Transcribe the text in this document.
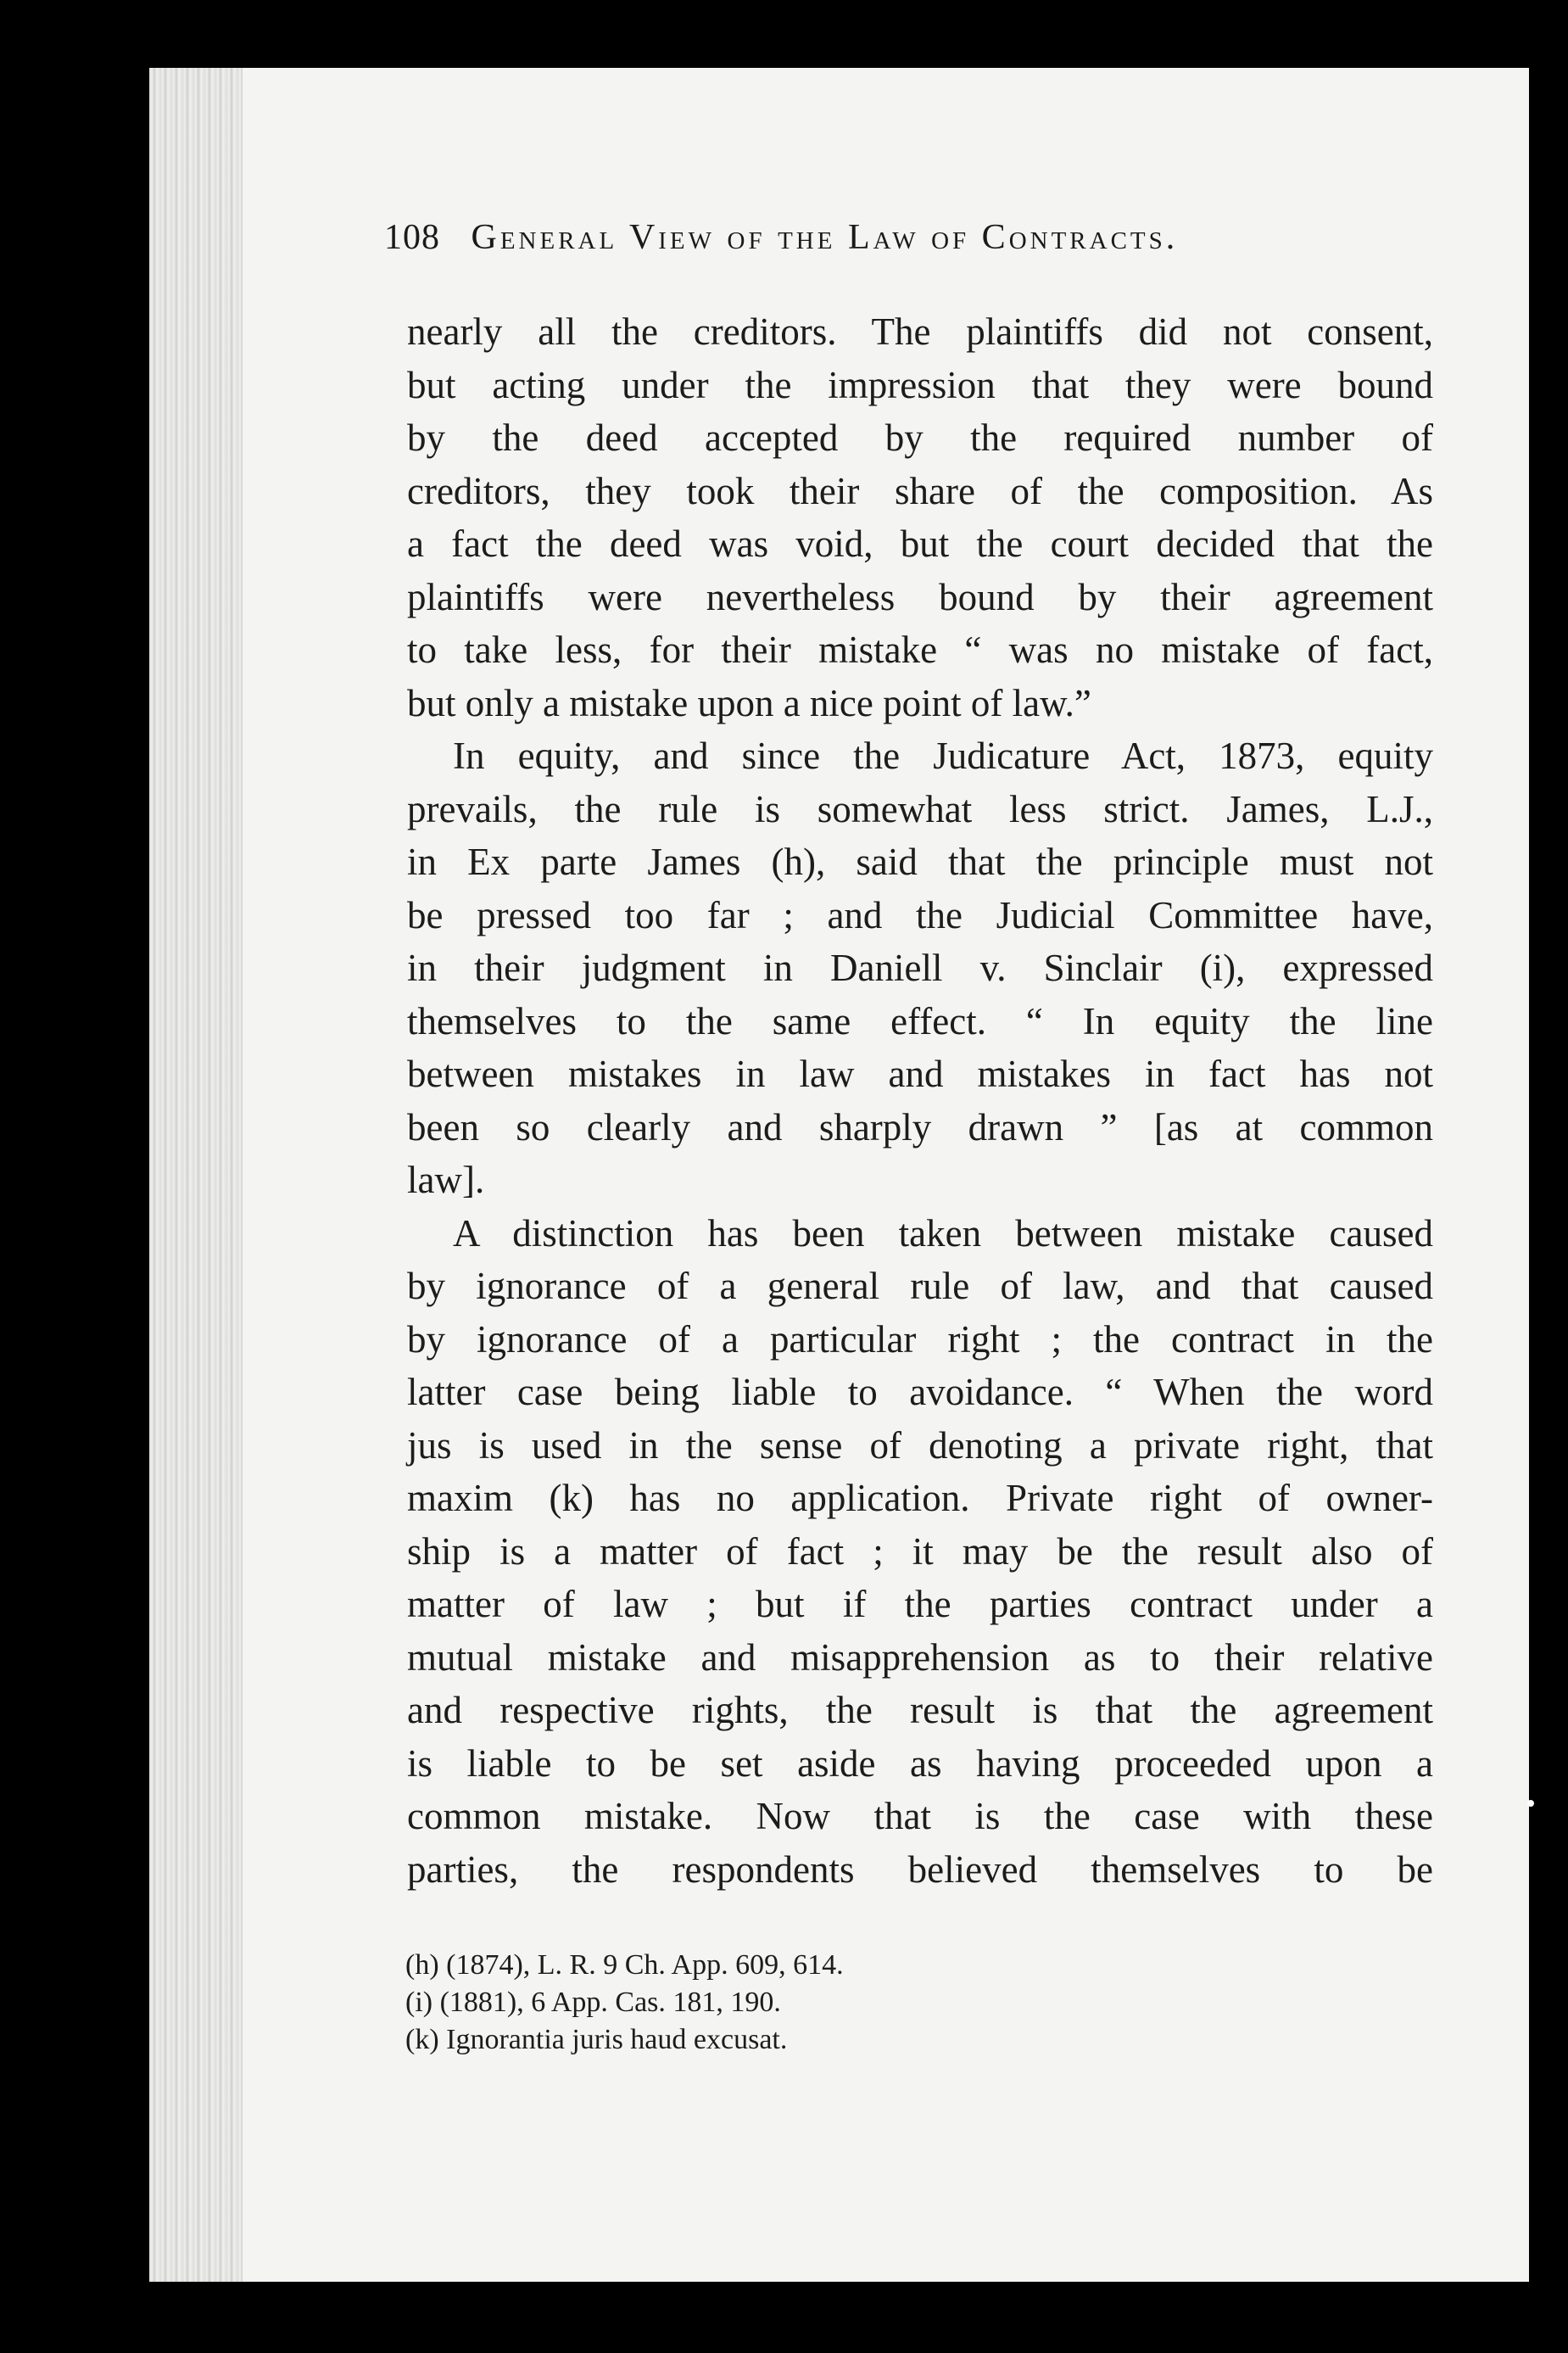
108 General View of the Law of Contracts.
nearly all the creditors. The plaintiffs did not consent,
but acting under the impression that they were bound
by the deed accepted by the required number of
creditors, they took their share of the composition. As
a fact the deed was void, but the court decided that the
plaintiffs were nevertheless bound by their agreement
to take less, for their mistake “ was no mistake of fact,
but only a mistake upon a nice point of law.”
In equity, and since the Judicature Act, 1873, equity
prevails, the rule is somewhat less strict. James, L.J.,
in Ex parte James (h), said that the principle must not
be pressed too far ; and the Judicial Committee have,
in their judgment in Daniell v. Sinclair (i), expressed
themselves to the same effect. “ In equity the line
between mistakes in law and mistakes in fact has not
been so clearly and sharply drawn ” [as at common
law].
A distinction has been taken between mistake caused
by ignorance of a general rule of law, and that caused
by ignorance of a particular right ; the contract in the
latter case being liable to avoidance. “ When the word
jus is used in the sense of denoting a private right, that
maxim (k) has no application. Private right of owner-
ship is a matter of fact ; it may be the result also of
matter of law ; but if the parties contract under a
mutual mistake and misapprehension as to their relative
and respective rights, the result is that the agreement
is liable to be set aside as having proceeded upon a
common mistake. Now that is the case with these
parties, the respondents believed themselves to be
(h) (1874), L. R. 9 Ch. App. 609, 614.
(i) (1881), 6 App. Cas. 181, 190.
(k) Ignorantia juris haud excusat.
